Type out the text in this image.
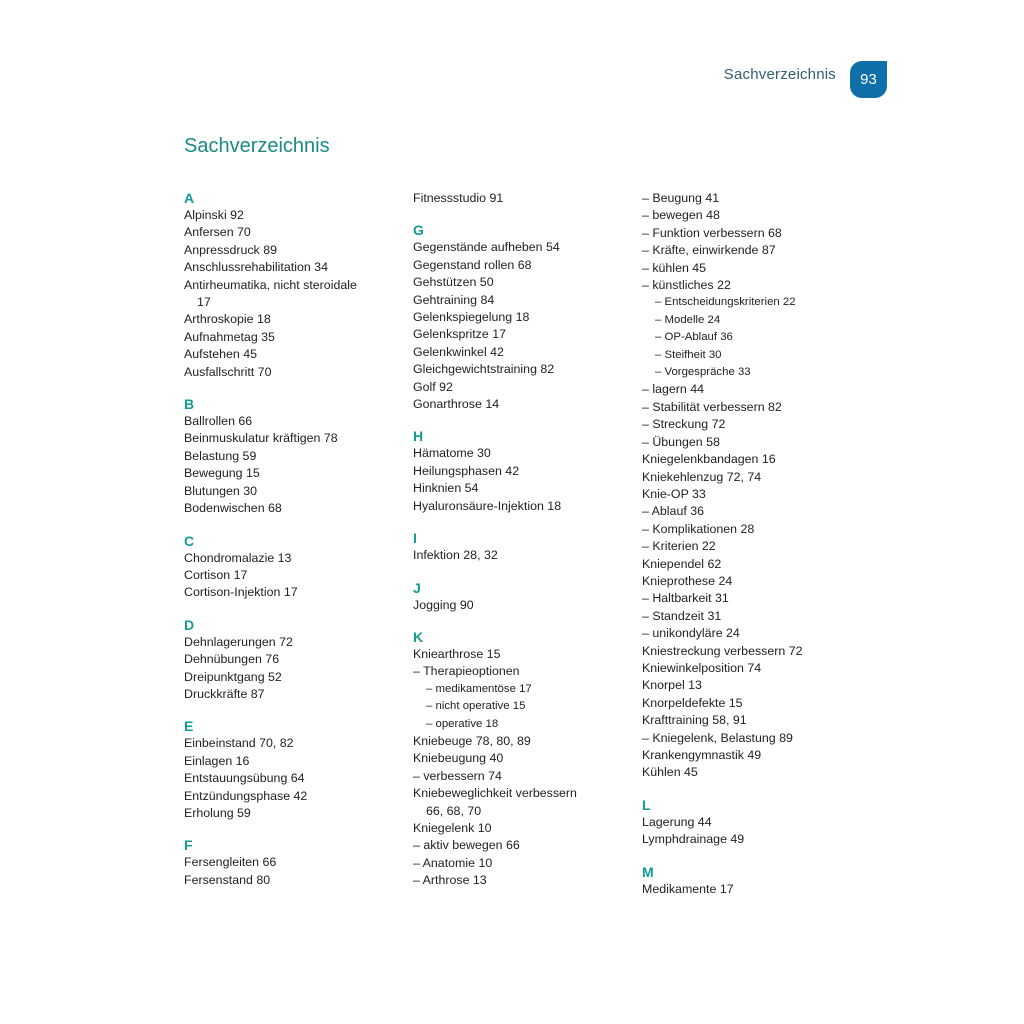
Sachverzeichnis	93
Sachverzeichnis
A
Alpinski 92
Anfersen 70
Anpressdruck 89
Anschlussrehabilitation 34
Antirheumatika, nicht steroidale
17
Arthroskopie 18
Aufnahmetag 35
Aufstehen 45
Ausfallschritt 70
B
Ballrollen 66
Beinmuskulatur kräftigen 78
Belastung 59
Bewegung 15
Blutungen 30
Bodenwischen 68
C
Chondromalazie 13
Cortison 17
Cortison-Injektion 17
D
Dehnlagerungen 72
Dehnübungen 76
Dreipunktgang 52
Druckkräfte 87
E
Einbeinstand 70, 82
Einlagen 16
Entstauungsübung 64
Entzündungsphase 42
Erholung 59
F
Fersengleiten 66
Fersenstand 80
Fitnessstudio 91
G
Gegenstände aufheben 54
Gegenstand rollen 68
Gehstützen 50
Gehtraining 84
Gelenkspiegelung 18
Gelenkspritze 17
Gelenkwinkel 42
Gleichgewichtstraining 82
Golf 92
Gonarthrose 14
H
Hämatome 30
Heilungsphasen 42
Hinknien 54
Hyaluronsäure-Injektion 18
I
Infektion 28, 32
J
Jogging 90
K
Kniearthrose 15
– Therapieoptionen
– medikamentöse 17
– nicht operative 15
– operative 18
Kniebeuge 78, 80, 89
Kniebeugung 40
– verbessern 74
Kniebeweglichkeit verbessern
66, 68, 70
Kniegelenk 10
– aktiv bewegen 66
– Anatomie 10
– Arthrose 13
– Beugung 41
– bewegen 48
– Funktion verbessern 68
– Kräfte, einwirkende 87
– kühlen 45
– künstliches 22
– Entscheidungskriterien 22
– Modelle 24
– OP-Ablauf 36
– Steifheit 30
– Vorgespräche 33
– lagern 44
– Stabilität verbessern 82
– Streckung 72
– Übungen 58
Kniegelenkbandagen 16
Kniekehlenzug 72, 74
Knie-OP 33
– Ablauf 36
– Komplikationen 28
– Kriterien 22
Kniependel 62
Knieprothese 24
– Haltbarkeit 31
– Standzeit 31
– unikondyläre 24
Kniestreckung verbessern 72
Kniewinkelposition 74
Knorpel 13
Knorpeldefekte 15
Krafttraining 58, 91
– Kniegelenk, Belastung 89
Krankengymnastik 49
Kühlen 45
L
Lagerung 44
Lymphdrainage 49
M
Medikamente 17
